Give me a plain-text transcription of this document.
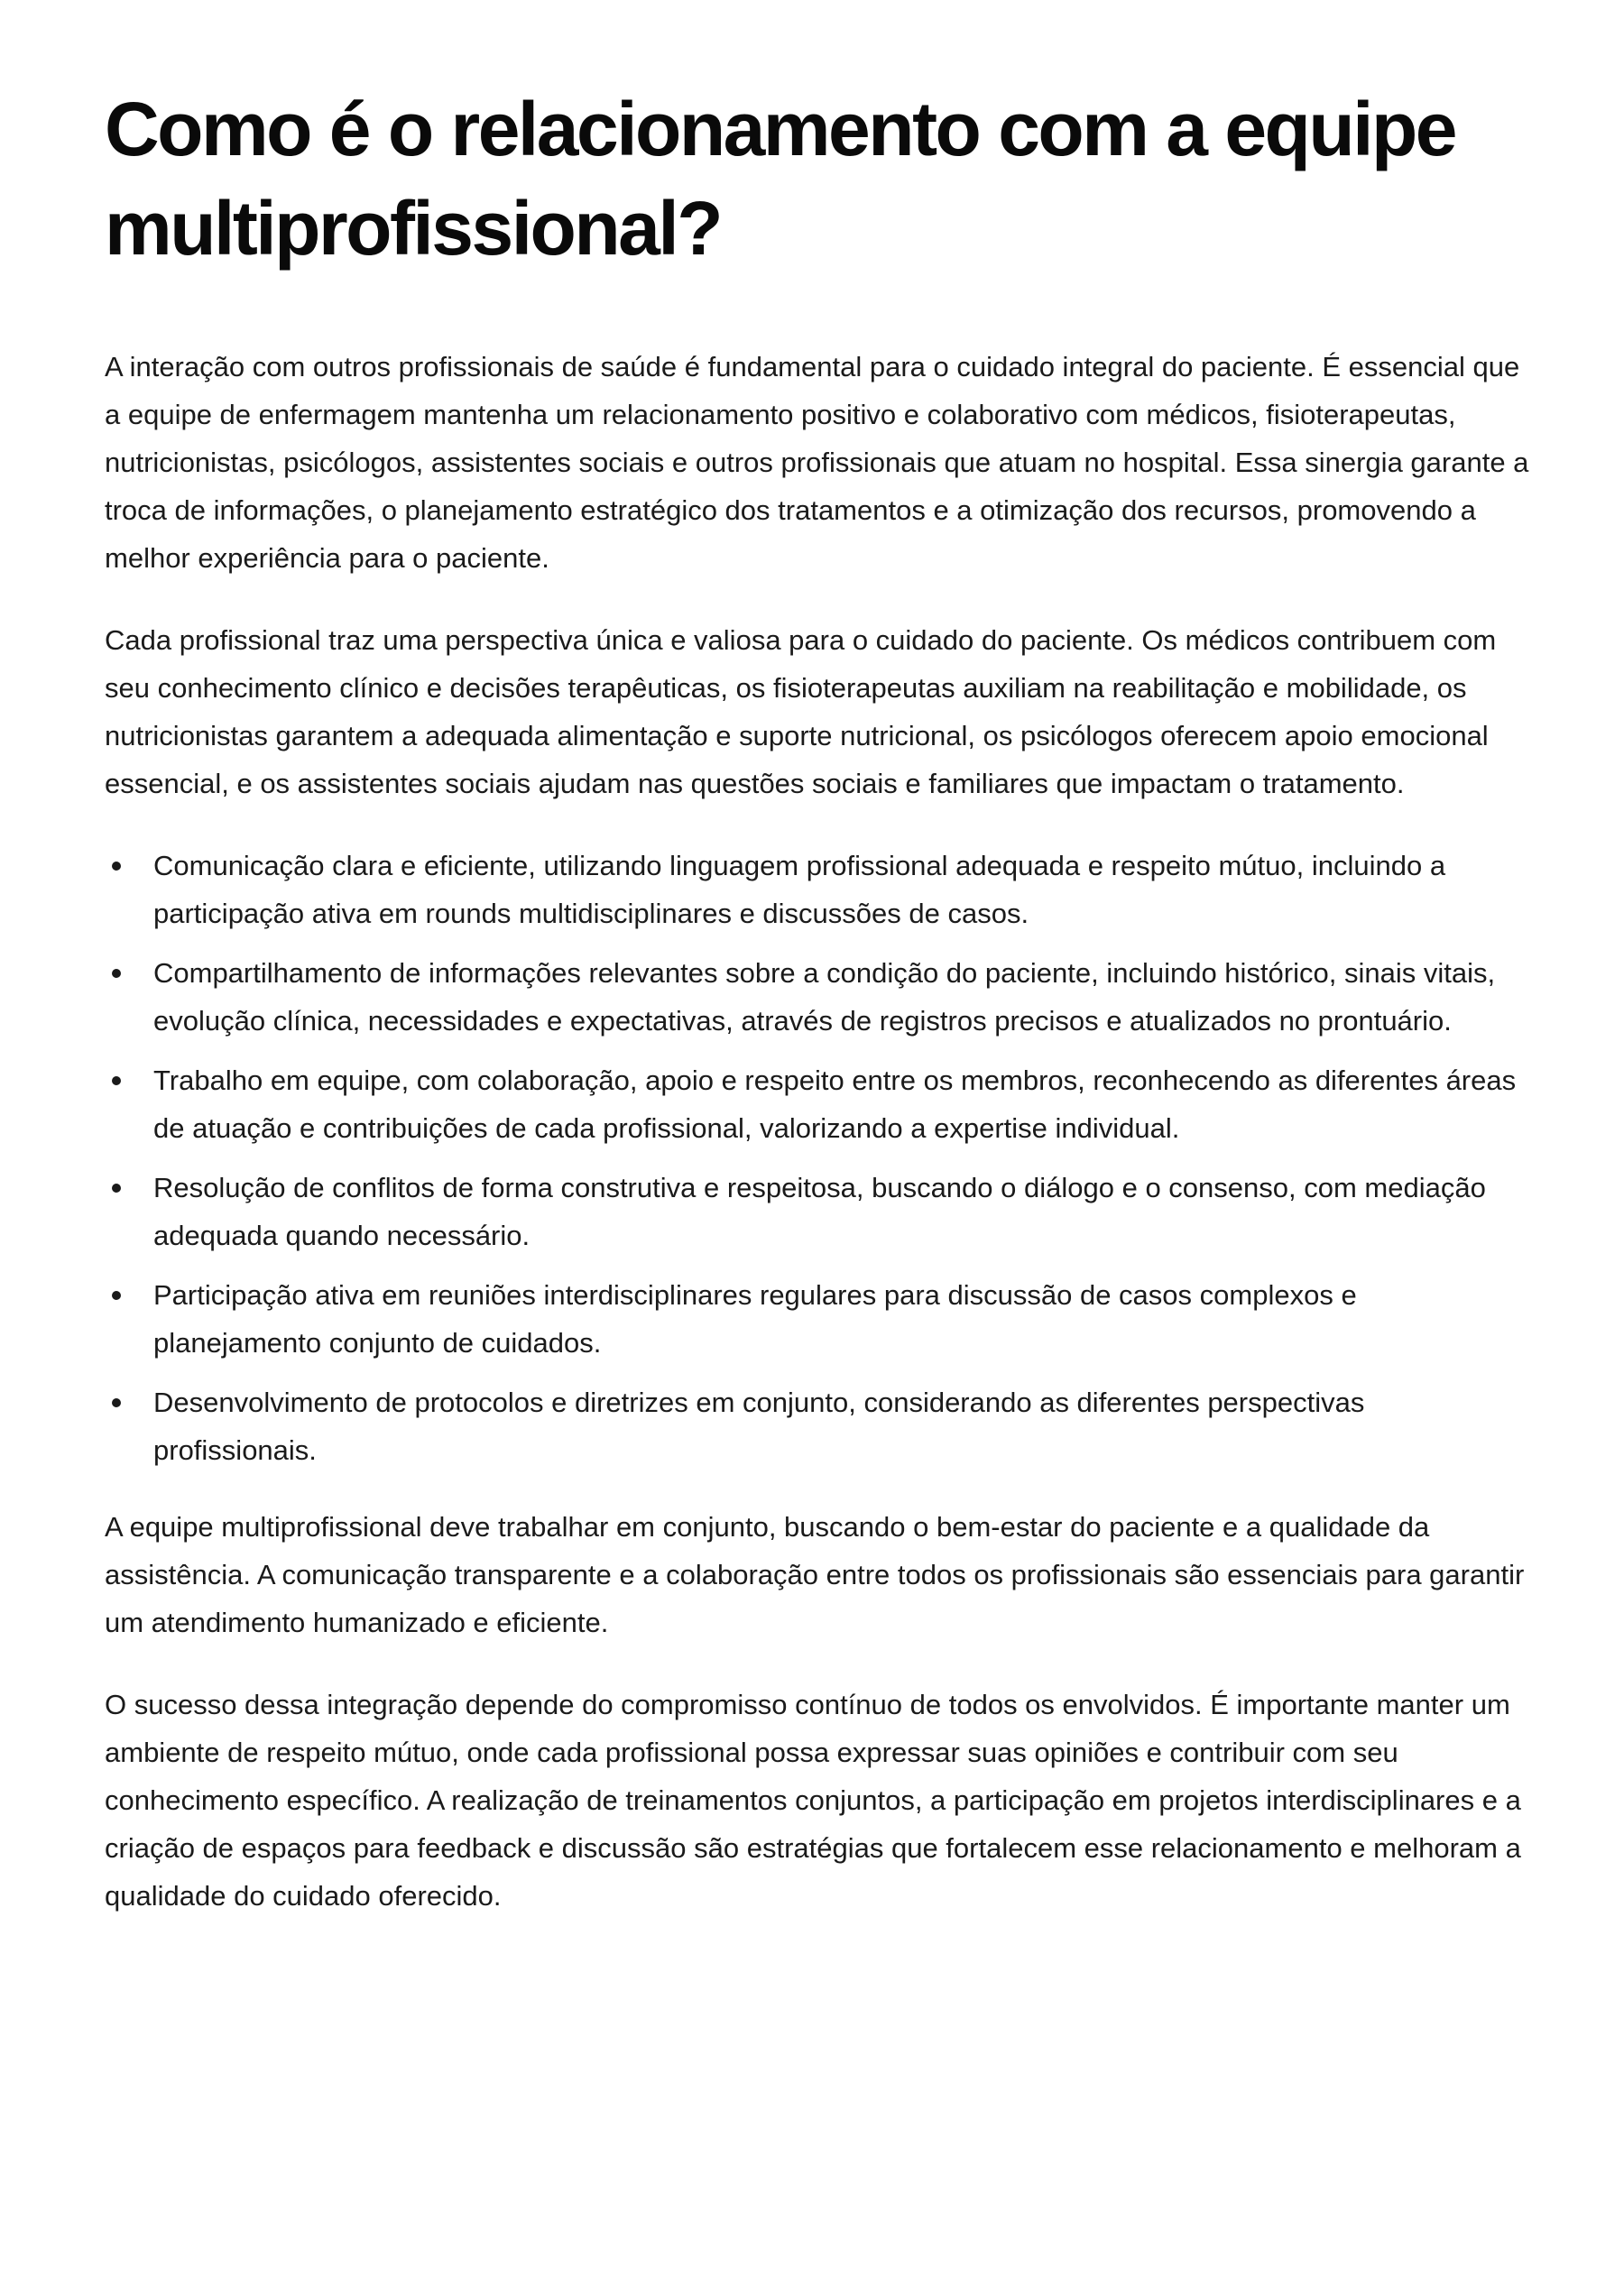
Como é o relacionamento com a equipe multiprofissional?

A interação com outros profissionais de saúde é fundamental para o cuidado integral do paciente. É essencial que a equipe de enfermagem mantenha um relacionamento positivo e colaborativo com médicos, fisioterapeutas, nutricionistas, psicólogos, assistentes sociais e outros profissionais que atuam no hospital. Essa sinergia garante a troca de informações, o planejamento estratégico dos tratamentos e a otimização dos recursos, promovendo a melhor experiência para o paciente.

Cada profissional traz uma perspectiva única e valiosa para o cuidado do paciente. Os médicos contribuem com seu conhecimento clínico e decisões terapêuticas, os fisioterapeutas auxiliam na reabilitação e mobilidade, os nutricionistas garantem a adequada alimentação e suporte nutricional, os psicólogos oferecem apoio emocional essencial, e os assistentes sociais ajudam nas questões sociais e familiares que impactam o tratamento.

Comunicação clara e eficiente, utilizando linguagem profissional adequada e respeito mútuo, incluindo a participação ativa em rounds multidisciplinares e discussões de casos.
Compartilhamento de informações relevantes sobre a condição do paciente, incluindo histórico, sinais vitais, evolução clínica, necessidades e expectativas, através de registros precisos e atualizados no prontuário.
Trabalho em equipe, com colaboração, apoio e respeito entre os membros, reconhecendo as diferentes áreas de atuação e contribuições de cada profissional, valorizando a expertise individual.
Resolução de conflitos de forma construtiva e respeitosa, buscando o diálogo e o consenso, com mediação adequada quando necessário.
Participação ativa em reuniões interdisciplinares regulares para discussão de casos complexos e planejamento conjunto de cuidados.
Desenvolvimento de protocolos e diretrizes em conjunto, considerando as diferentes perspectivas profissionais.

A equipe multiprofissional deve trabalhar em conjunto, buscando o bem-estar do paciente e a qualidade da assistência. A comunicação transparente e a colaboração entre todos os profissionais são essenciais para garantir um atendimento humanizado e eficiente.

O sucesso dessa integração depende do compromisso contínuo de todos os envolvidos. É importante manter um ambiente de respeito mútuo, onde cada profissional possa expressar suas opiniões e contribuir com seu conhecimento específico. A realização de treinamentos conjuntos, a participação em projetos interdisciplinares e a criação de espaços para feedback e discussão são estratégias que fortalecem esse relacionamento e melhoram a qualidade do cuidado oferecido.
